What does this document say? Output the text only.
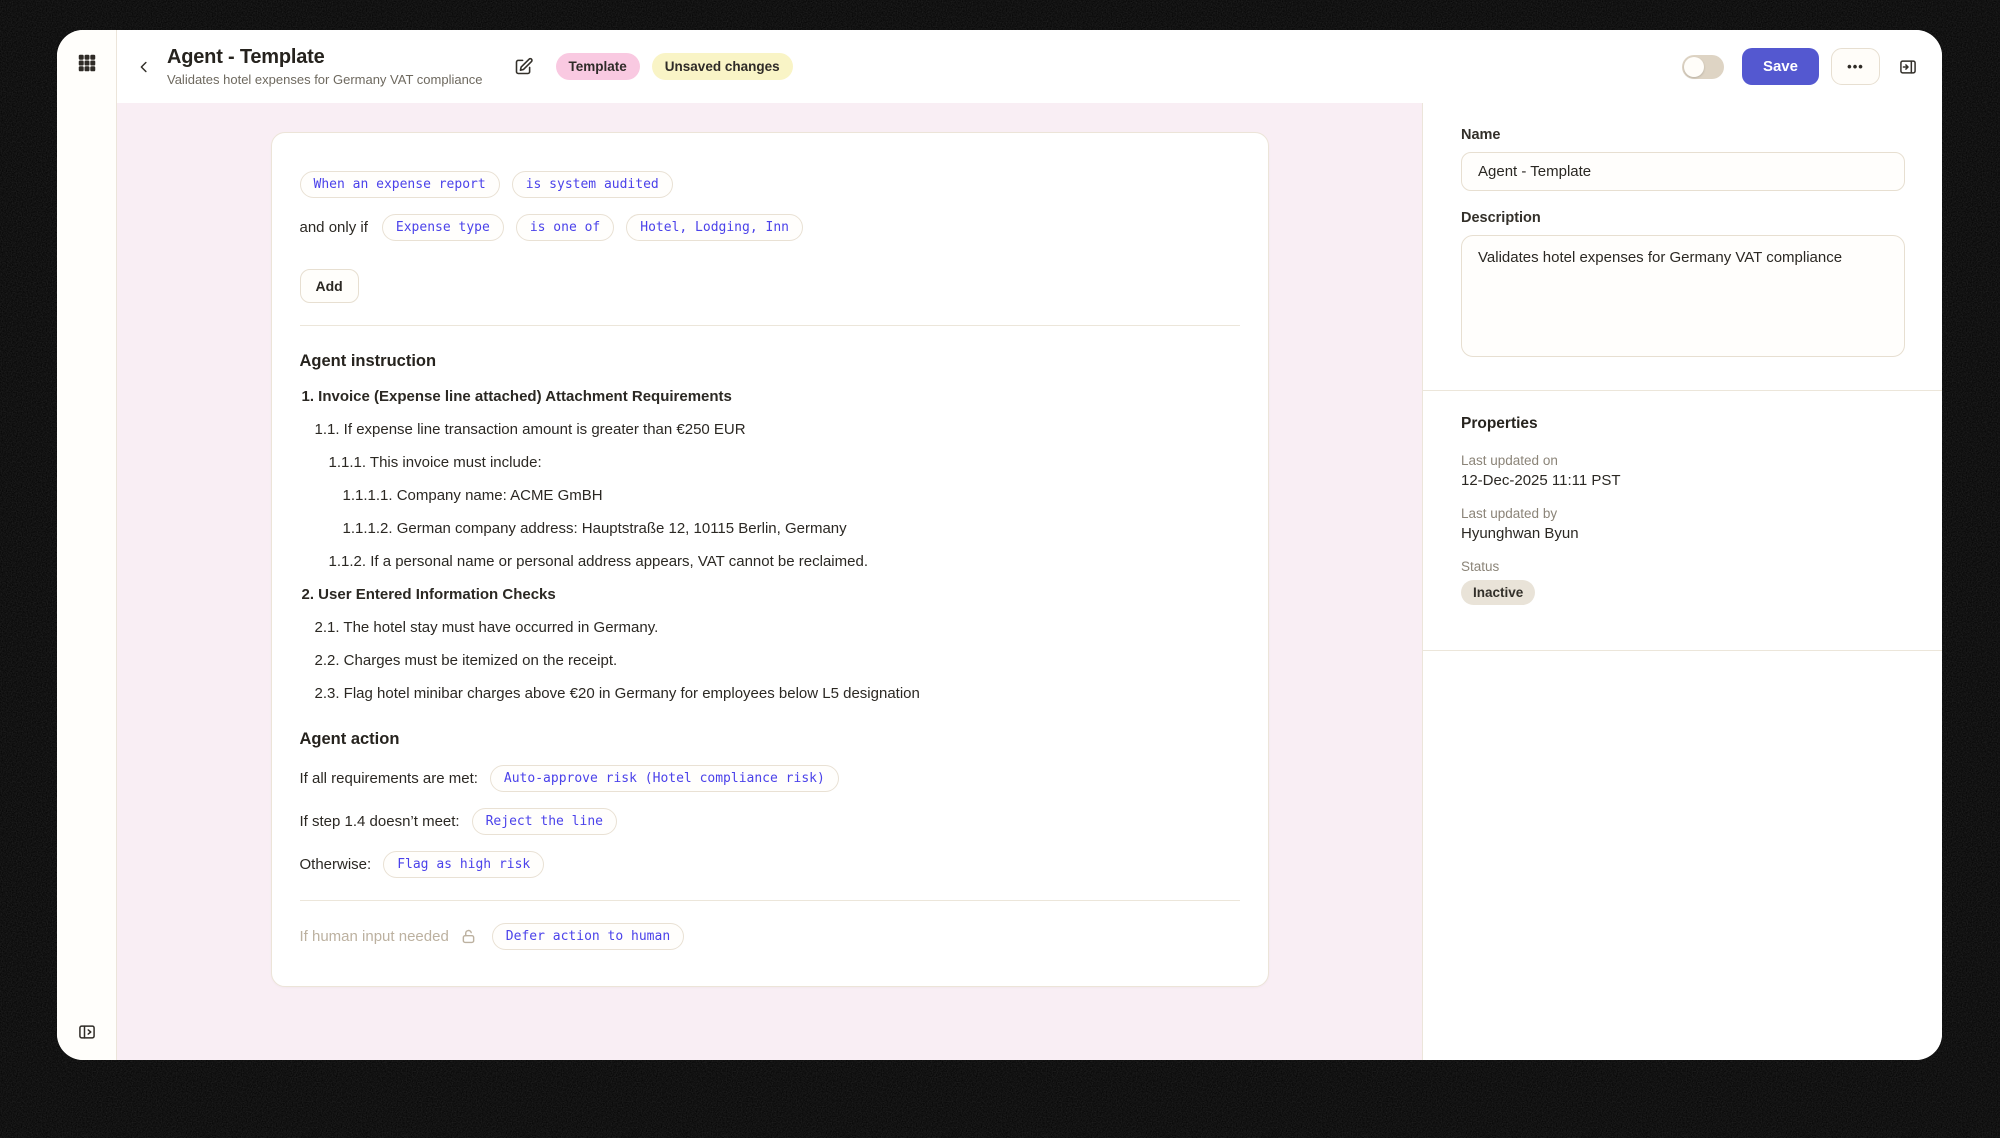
Agent - Template
Validates hotel expenses for Germany VAT compliance
Template	Unsaved changes	Save	•••
When an expense report	is system audited
and only if	Expense type	is one of	Hotel, Lodging, Inn
Add
Agent instruction
1. Invoice (Expense line attached) Attachment Requirements
1.1. If expense line transaction amount is greater than €250 EUR
1.1.1. This invoice must include:
1.1.1.1. Company name: ACME GmBH
1.1.1.2. German company address: Hauptstraße 12, 10115 Berlin, Germany
1.1.2. If a personal name or personal address appears, VAT cannot be reclaimed.
2. User Entered Information Checks
2.1. The hotel stay must have occurred in Germany.
2.2. Charges must be itemized on the receipt.
2.3. Flag hotel minibar charges above €20 in Germany for employees below L5 designation
Agent action
If all requirements are met:	Auto-approve risk (Hotel compliance risk)
If step 1.4 doesn’t meet:	Reject the line
Otherwise:	Flag as high risk
If human input needed	Defer action to human
Name
Agent - Template
Description
Validates hotel expenses for Germany VAT compliance
Properties
Last updated on
12-Dec-2025 11:11 PST
Last updated by
Hyunghwan Byun
Status
Inactive
